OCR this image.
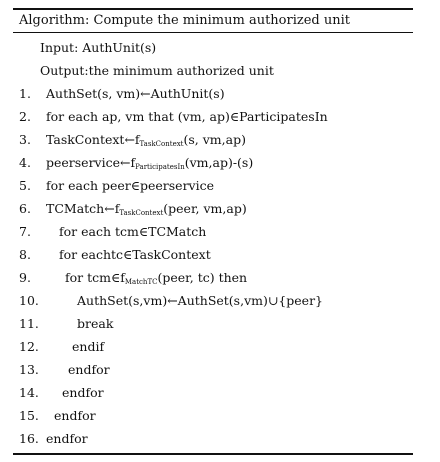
Algorithm: Compute the minimum authorized unit
Input: AuthUnit(s)
Output:the minimum authorized unit
1.	AuthSet(s, vm)←AuthUnit(s)
2.	for each ap, vm that (vm, ap)∈ParticipatesIn
3.	$TaskContext\leftarrow f_{TaskContext}(s$, vm,ap)
4.	$peerservice\leftarrow f_{ParticipatesIn}(vm,ap)-(s)$
5.	for each peer∈peerservice
6.	$TCMatch\leftarrow f_{TaskContext}(peer$, vm,ap)
7.	for each tcm∈TCMatch
8.	for eachtc∈TaskContext
9.	for $tcm\in f_{MatchTC}(peer$, tc) then
10.	AuthSet(s,vm)←AuthSet(s,vm)∪{peer}
11.	break
12.	endif
13.	endfor
14.	endfor
15.	endfor
16. endfor
